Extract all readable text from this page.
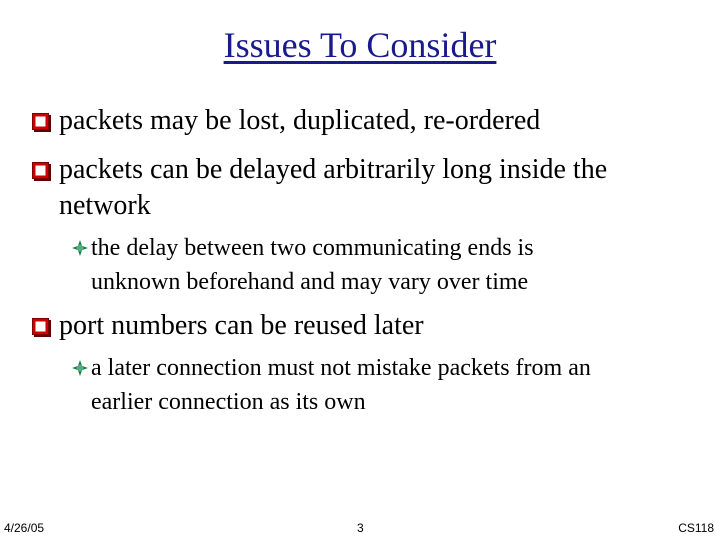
Issues To Consider
packets may be lost, duplicated, re-ordered
packets can be delayed arbitrarily long inside the
network
the delay between two communicating ends is
unknown beforehand and may vary over time
port numbers can be reused later
a later connection must not mistake packets from an
earlier connection as its own
4/26/05	3	CS118
